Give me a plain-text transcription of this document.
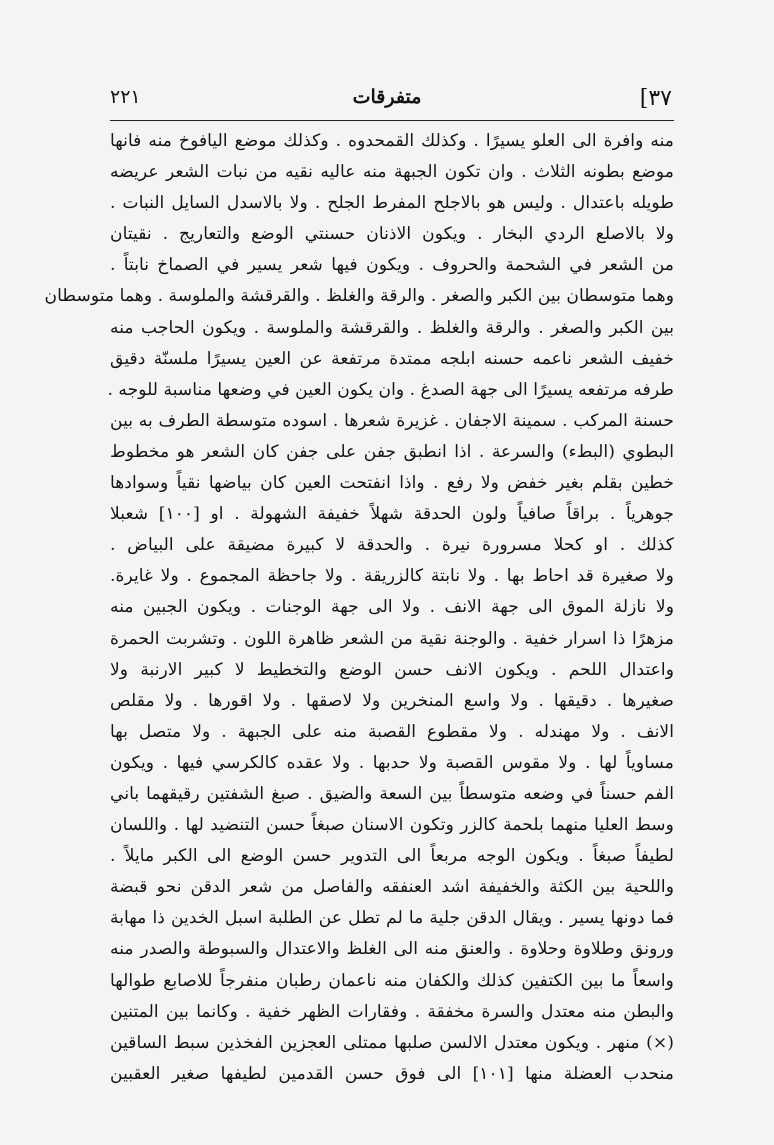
٢٢١	متفرقات	٣٧]
منه وافرة الى العلو يسيرًا . وكذلك القمحدوه . وكذلك موضع اليافوخ منه فانها
موضع بطونه الثلاث . وان تكون الجبهة منه عاليه نقيه من نبات الشعر عريضه
طويله باعتدال . وليس هو بالاجلح المفرط الجلح . ولا بالاسدل السايل النبات .
ولا بالاصلع الردي البخار . ويكون الاذنان حسنتي الوضع والتعاريج . نقيتان
من الشعر في الشحمة والحروف . ويكون فيها شعر يسير في الصماخ نابتاً .
وهما متوسطان بين الكبر والصغر . والرقة والغلظ . والقرقشة والملوسة . وهما متوسطان
بين الكبر والصغر . والرقة والغلظ . والقرقشة والملوسة . ويكون الحاجب منه
خفيف الشعر ناعمه حسنه ابلجه ممتدة مرتفعة عن العين يسيرًا ملسنّة دقيق
طرفه مرتفعه يسيرًا الى جهة الصدغ . وان يكون العين في وضعها مناسبة للوجه .
حسنة المركب . سمينة الاجفان . غزيرة شعرها . اسوده متوسطة الطرف به بين
البطوي (البطء) والسرعة . اذا انطبق جفن على جفن كان الشعر هو مخطوط
خطين بقلم بغير خفض ولا رفع . واذا انفتحت العين كان بياضها نقياً وسوادها
جوهرياً . براقاً صافياً ولون الحدقة شهلاً خفيفة الشهولة . او [١٠٠] شعبلا
كذلك . او كحلا مسرورة نيرة . والحدقة لا كبيرة مضيقة على البياض .
ولا صغيرة قد احاط بها . ولا نابتة كالزريقة . ولا جاحظة المجموع . ولا غايرة.
ولا نازلة الموق الى جهة الانف . ولا الى جهة الوجنات . ويكون الجبين منه
مزهرًا ذا اسرار خفية . والوجنة نقية من الشعر ظاهرة اللون . وتشربت الحمرة
واعتدال اللحم . ويكون الانف حسن الوضع والتخطيط لا كبير الارنبة ولا
صغيرها . دقيقها . ولا واسع المنخرين ولا لاصقها . ولا اقورها . ولا مقلص
الانف . ولا مهندله . ولا مقطوع القصبة منه على الجبهة . ولا متصل بها
مساوياً لها . ولا مقوس القصبة ولا حدبها . ولا عقده كالكرسي فيها . ويكون
الفم حسناً في وضعه متوسطاً بين السعة والضيق . صبغ الشفتين رقيقهما باني
وسط العليا منهما بلحمة كالزر وتكون الاسنان صبغاً حسن التنضيد لها . واللسان
لطيفاً صبغاً . ويكون الوجه مربعاً الى التدوير حسن الوضع الى الكبر مايلاً .
واللحية بين الكثة والخفيفة اشد العنفقه والفاصل من شعر الدقن نحو قبضة
فما دونها يسير . ويقال الدقن جلية ما لم تطل عن الطلبة اسبل الخدين ذا مهابة
ورونق وطلاوة وحلاوة . والعنق منه الى الغلظ والاعتدال والسبوطة والصدر منه
واسعاً ما بين الكتفين كذلك والكفان منه ناعمان رطبان منفرجاً للاصابع طوالها
والبطن منه معتدل والسرة مخفقة . وفقارات الظهر خفية . وكانما بين المتنين
(×) منهر . ويكون معتدل الالسن صلبها ممتلى العجزين الفخذين سبط الساقين
منحدب العضلة منها [١٠١] الى فوق حسن القدمين لطيفها صغير العقبين
